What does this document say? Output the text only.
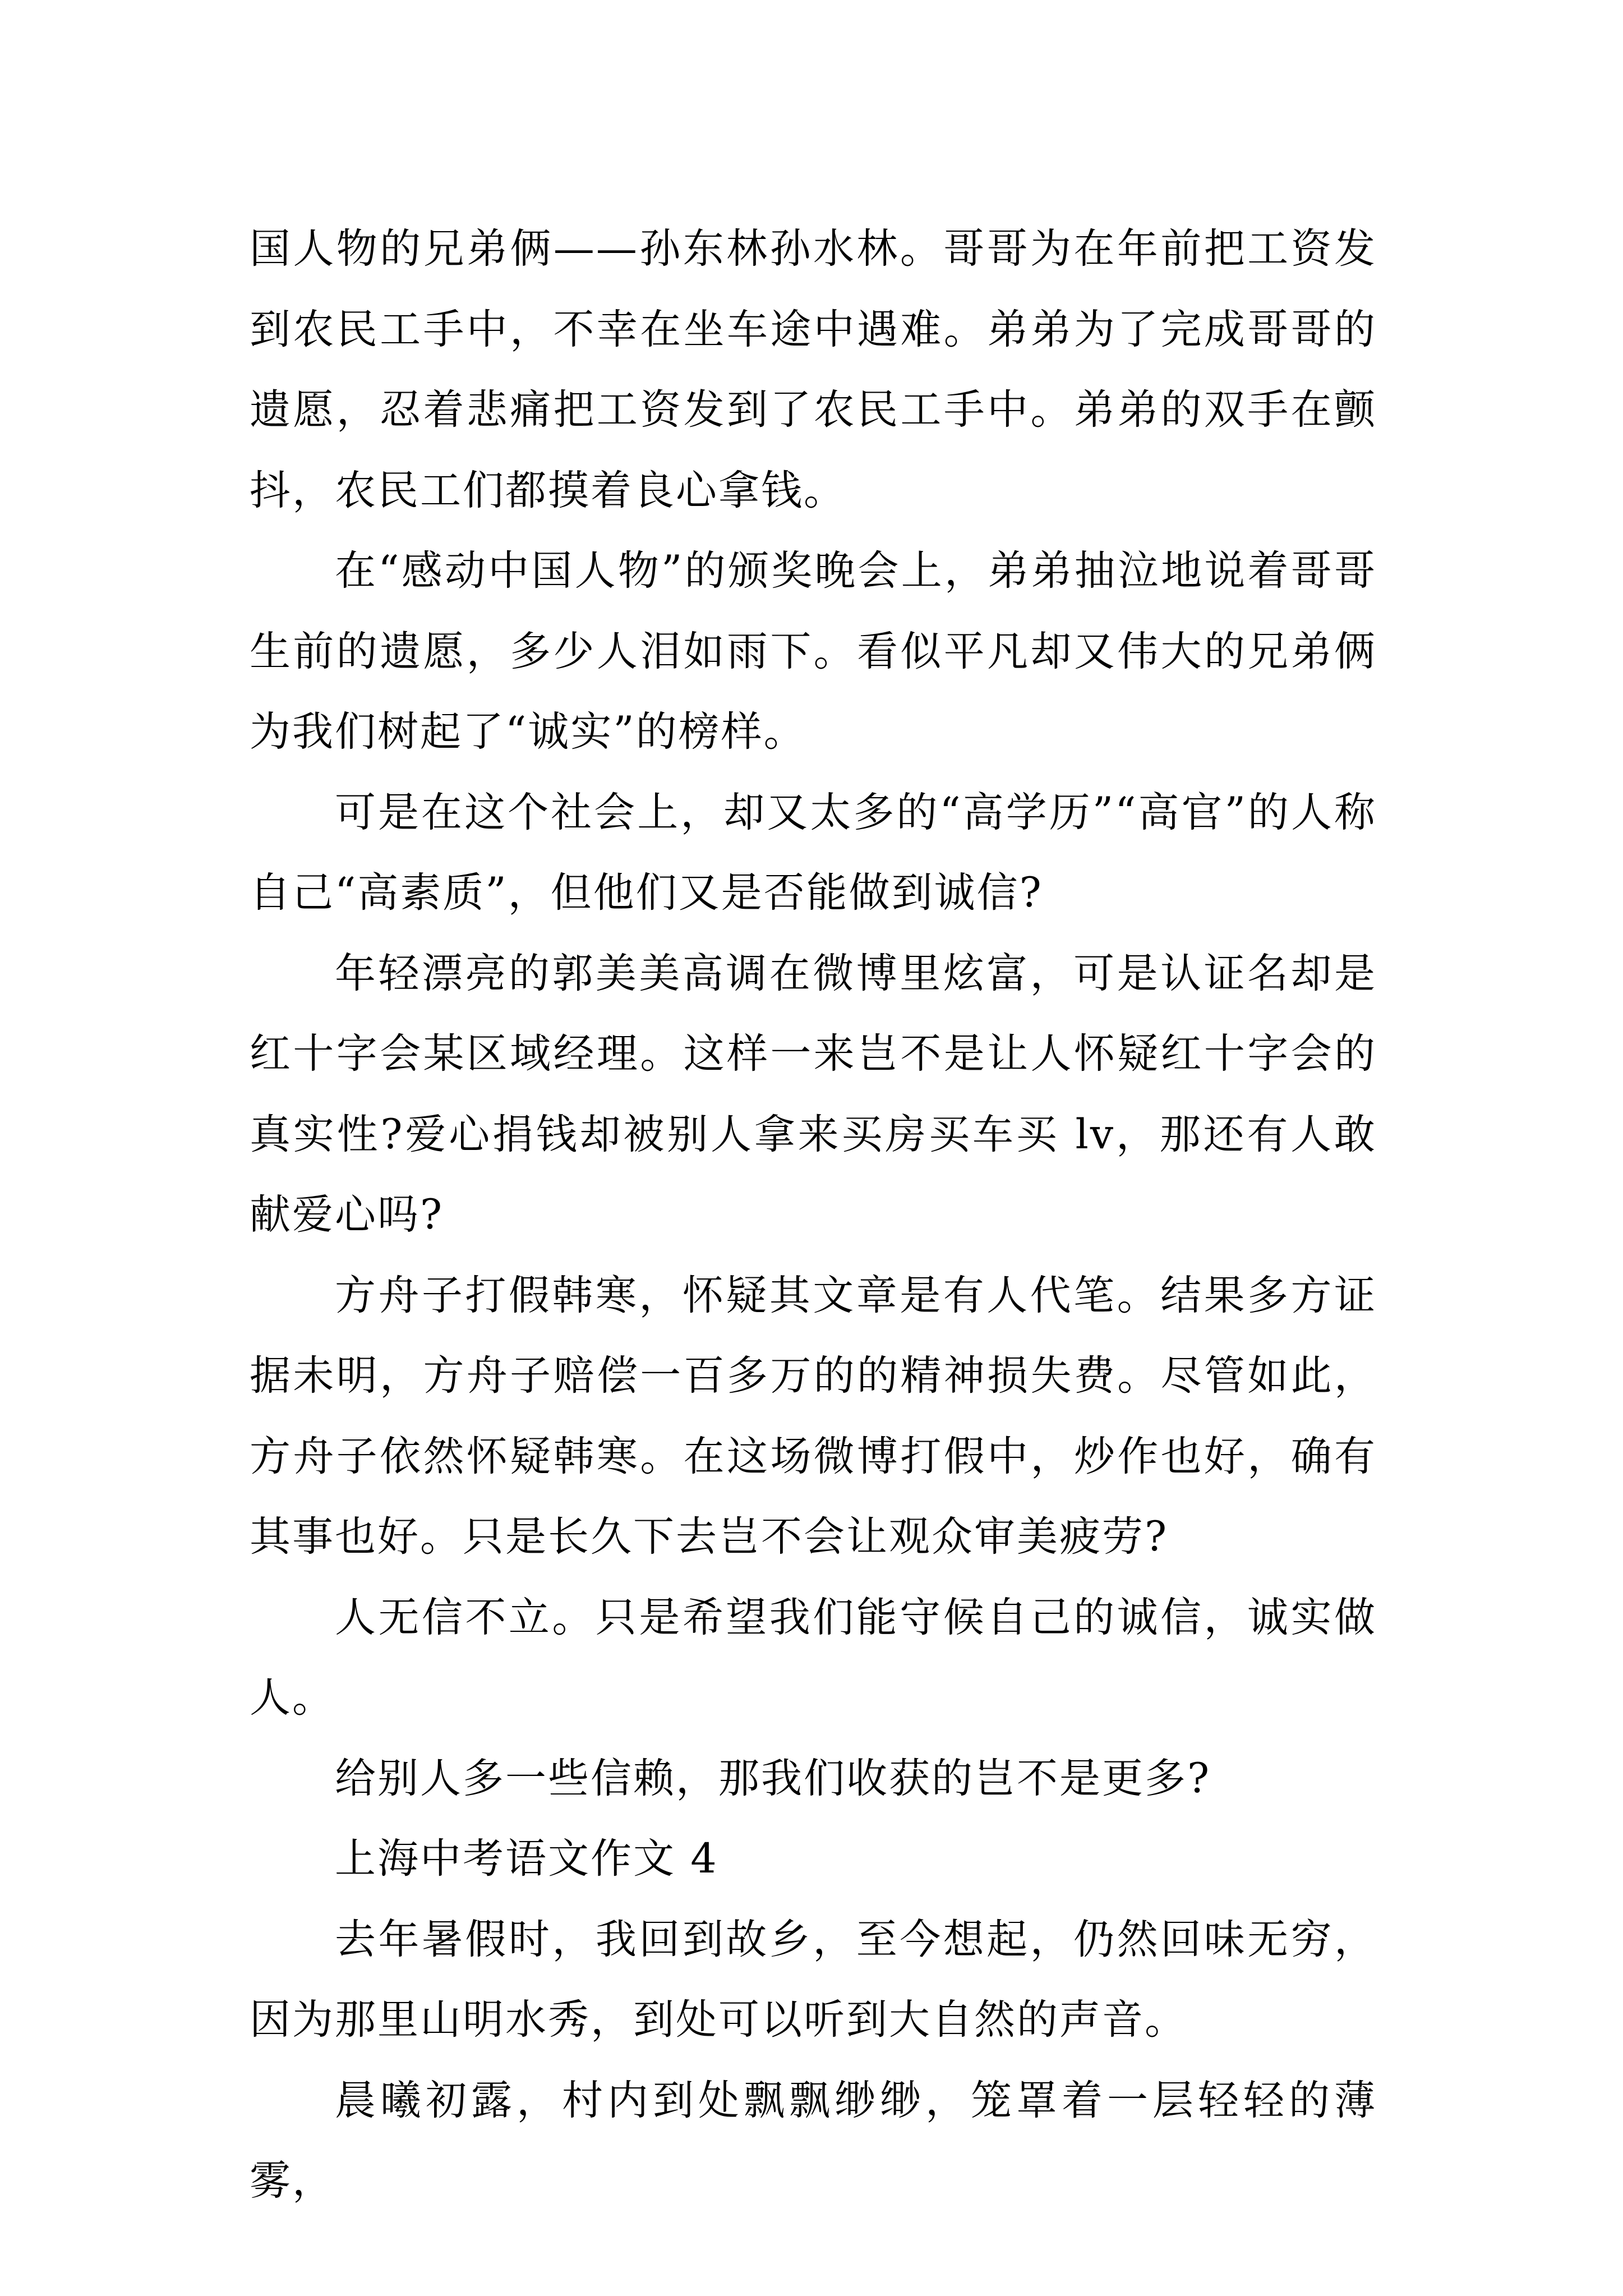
国人物的兄弟俩——孙东林孙水林。哥哥为在年前把工资发到农民工手中，不幸在坐车途中遇难。弟弟为了完成哥哥的遗愿，忍着悲痛把工资发到了农民工手中。弟弟的双手在颤抖，农民工们都摸着良心拿钱。

在“感动中国人物”的颁奖晚会上，弟弟抽泣地说着哥哥生前的遗愿，多少人泪如雨下。看似平凡却又伟大的兄弟俩为我们树起了“诚实”的榜样。

可是在这个社会上，却又太多的“高学历”“高官”的人称自己“高素质”，但他们又是否能做到诚信?

年轻漂亮的郭美美高调在微博里炫富，可是认证名却是红十字会某区域经理。这样一来岂不是让人怀疑红十字会的真实性?爱心捐钱却被别人拿来买房买车买 lv，那还有人敢献爱心吗?

方舟子打假韩寒，怀疑其文章是有人代笔。结果多方证据未明，方舟子赔偿一百多万的的精神损失费。尽管如此，方舟子依然怀疑韩寒。在这场微博打假中，炒作也好，确有其事也好。只是长久下去岂不会让观众审美疲劳?

人无信不立。只是希望我们能守候自己的诚信，诚实做人。

给别人多一些信赖，那我们收获的岂不是更多?

上海中考语文作文 4

去年暑假时，我回到故乡，至今想起，仍然回味无穷，因为那里山明水秀，到处可以听到大自然的声音。

晨曦初露，村内到处飘飘缈缈，笼罩着一层轻轻的薄雾，
